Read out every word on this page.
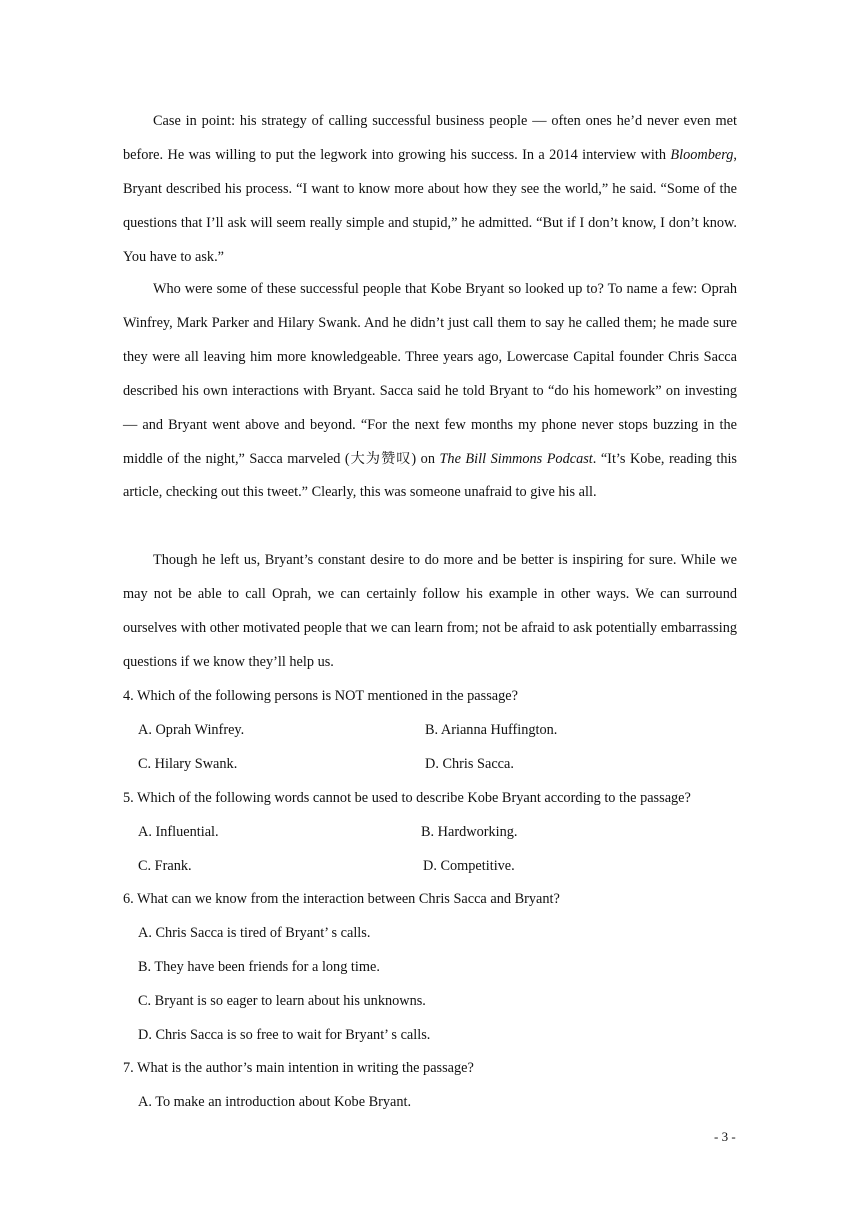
Case in point: his strategy of calling successful business people — often ones he’d never even met before. He was willing to put the legwork into growing his success. In a 2014 interview with Bloomberg, Bryant described his process. “I want to know more about how they see the world,” he said. “Some of the questions that I’ll ask will seem really simple and stupid,” he admitted. “But if I don’t know, I don’t know. You have to ask.”

Who were some of these successful people that Kobe Bryant so looked up to? To name a few: Oprah Winfrey, Mark Parker and Hilary Swank. And he didn’t just call them to say he called them; he made sure they were all leaving him more knowledgeable. Three years ago, Lowercase Capital founder Chris Sacca described his own interactions with Bryant. Sacca said he told Bryant to “do his homework” on investing — and Bryant went above and beyond. “For the next few months my phone never stops buzzing in the middle of the night,” Sacca marveled (大为赞叹) on The Bill Simmons Podcast. “It’s Kobe, reading this article, checking out this tweet.” Clearly, this was someone unafraid to give his all.

Though he left us, Bryant’s constant desire to do more and be better is inspiring for sure. While we may not be able to call Oprah, we can certainly follow his example in other ways. We can surround ourselves with other motivated people that we can learn from; not be afraid to ask potentially embarrassing questions if we know they’ll help us.

4. Which of the following persons is NOT mentioned in the passage?

A. Oprah Winfrey.	B. Arianna Huffington.

C. Hilary Swank.	D. Chris Sacca.

5. Which of the following words cannot be used to describe Kobe Bryant according to the passage?

A. Influential.	B. Hardworking.

C. Frank.	D. Competitive.

6. What can we know from the interaction between Chris Sacca and Bryant?

A. Chris Sacca is tired of Bryant’ s calls.

B. They have been friends for a long time.

C. Bryant is so eager to learn about his unknowns.

D. Chris Sacca is so free to wait for Bryant’ s calls.

7. What is the author’s main intention in writing the passage?

A. To make an introduction about Kobe Bryant.

- 3 -
